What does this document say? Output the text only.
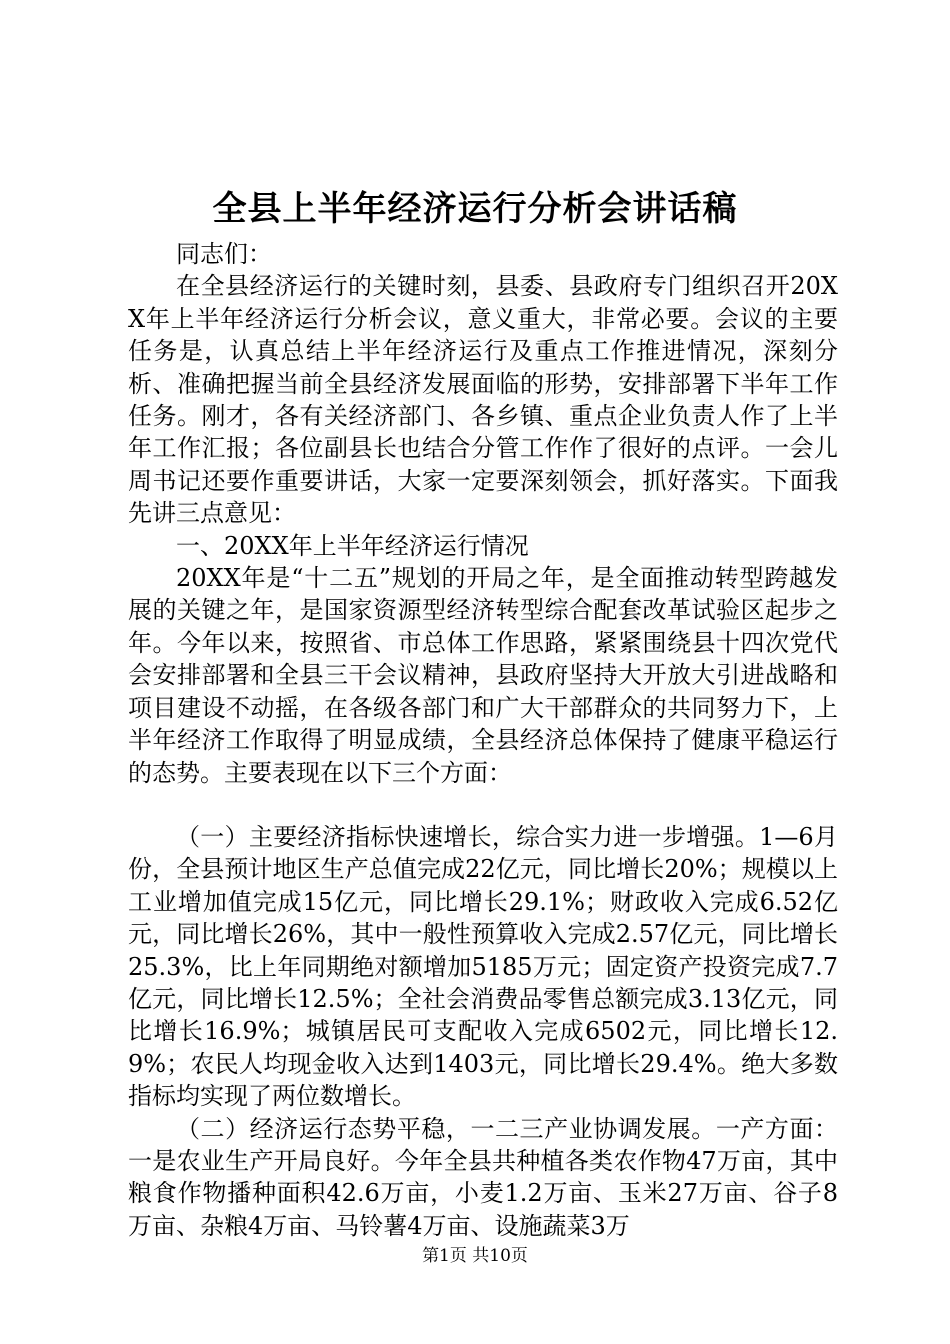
全县上半年经济运行分析会讲话稿

同志们：

在全县经济运行的关键时刻，县委、县政府专门组织召开20XX年上半年经济运行分析会议，意义重大，非常必要。会议的主要任务是，认真总结上半年经济运行及重点工作推进情况，深刻分析、准确把握当前全县经济发展面临的形势，安排部署下半年工作任务。刚才，各有关经济部门、各乡镇、重点企业负责人作了上半年工作汇报；各位副县长也结合分管工作作了很好的点评。一会儿周书记还要作重要讲话，大家一定要深刻领会，抓好落实。下面我先讲三点意见：

一、20XX年上半年经济运行情况

20XX年是“十二五”规划的开局之年，是全面推动转型跨越发展的关键之年，是国家资源型经济转型综合配套改革试验区起步之年。今年以来，按照省、市总体工作思路，紧紧围绕县十四次党代会安排部署和全县三干会议精神，县政府坚持大开放大引进战略和项目建设不动摇，在各级各部门和广大干部群众的共同努力下，上半年经济工作取得了明显成绩，全县经济总体保持了健康平稳运行的态势。主要表现在以下三个方面：

（一）主要经济指标快速增长，综合实力进一步增强。1—6月份，全县预计地区生产总值完成22亿元，同比增长20%；规模以上工业增加值完成15亿元，同比增长29.1%；财政收入完成6.52亿元，同比增长26%，其中一般性预算收入完成2.57亿元，同比增长25.3%，比上年同期绝对额增加5185万元；固定资产投资完成7.7亿元，同比增长12.5%；全社会消费品零售总额完成3.13亿元，同比增长16.9%；城镇居民可支配收入完成6502元，同比增长12.9%；农民人均现金收入达到1403元，同比增长29.4%。绝大多数指标均实现了两位数增长。

（二）经济运行态势平稳，一二三产业协调发展。一产方面：一是农业生产开局良好。今年全县共种植各类农作物47万亩，其中粮食作物播种面积42.6万亩，小麦1.2万亩、玉米27万亩、谷子8万亩、杂粮4万亩、马铃薯4万亩、设施蔬菜3万

第1页 共10页
